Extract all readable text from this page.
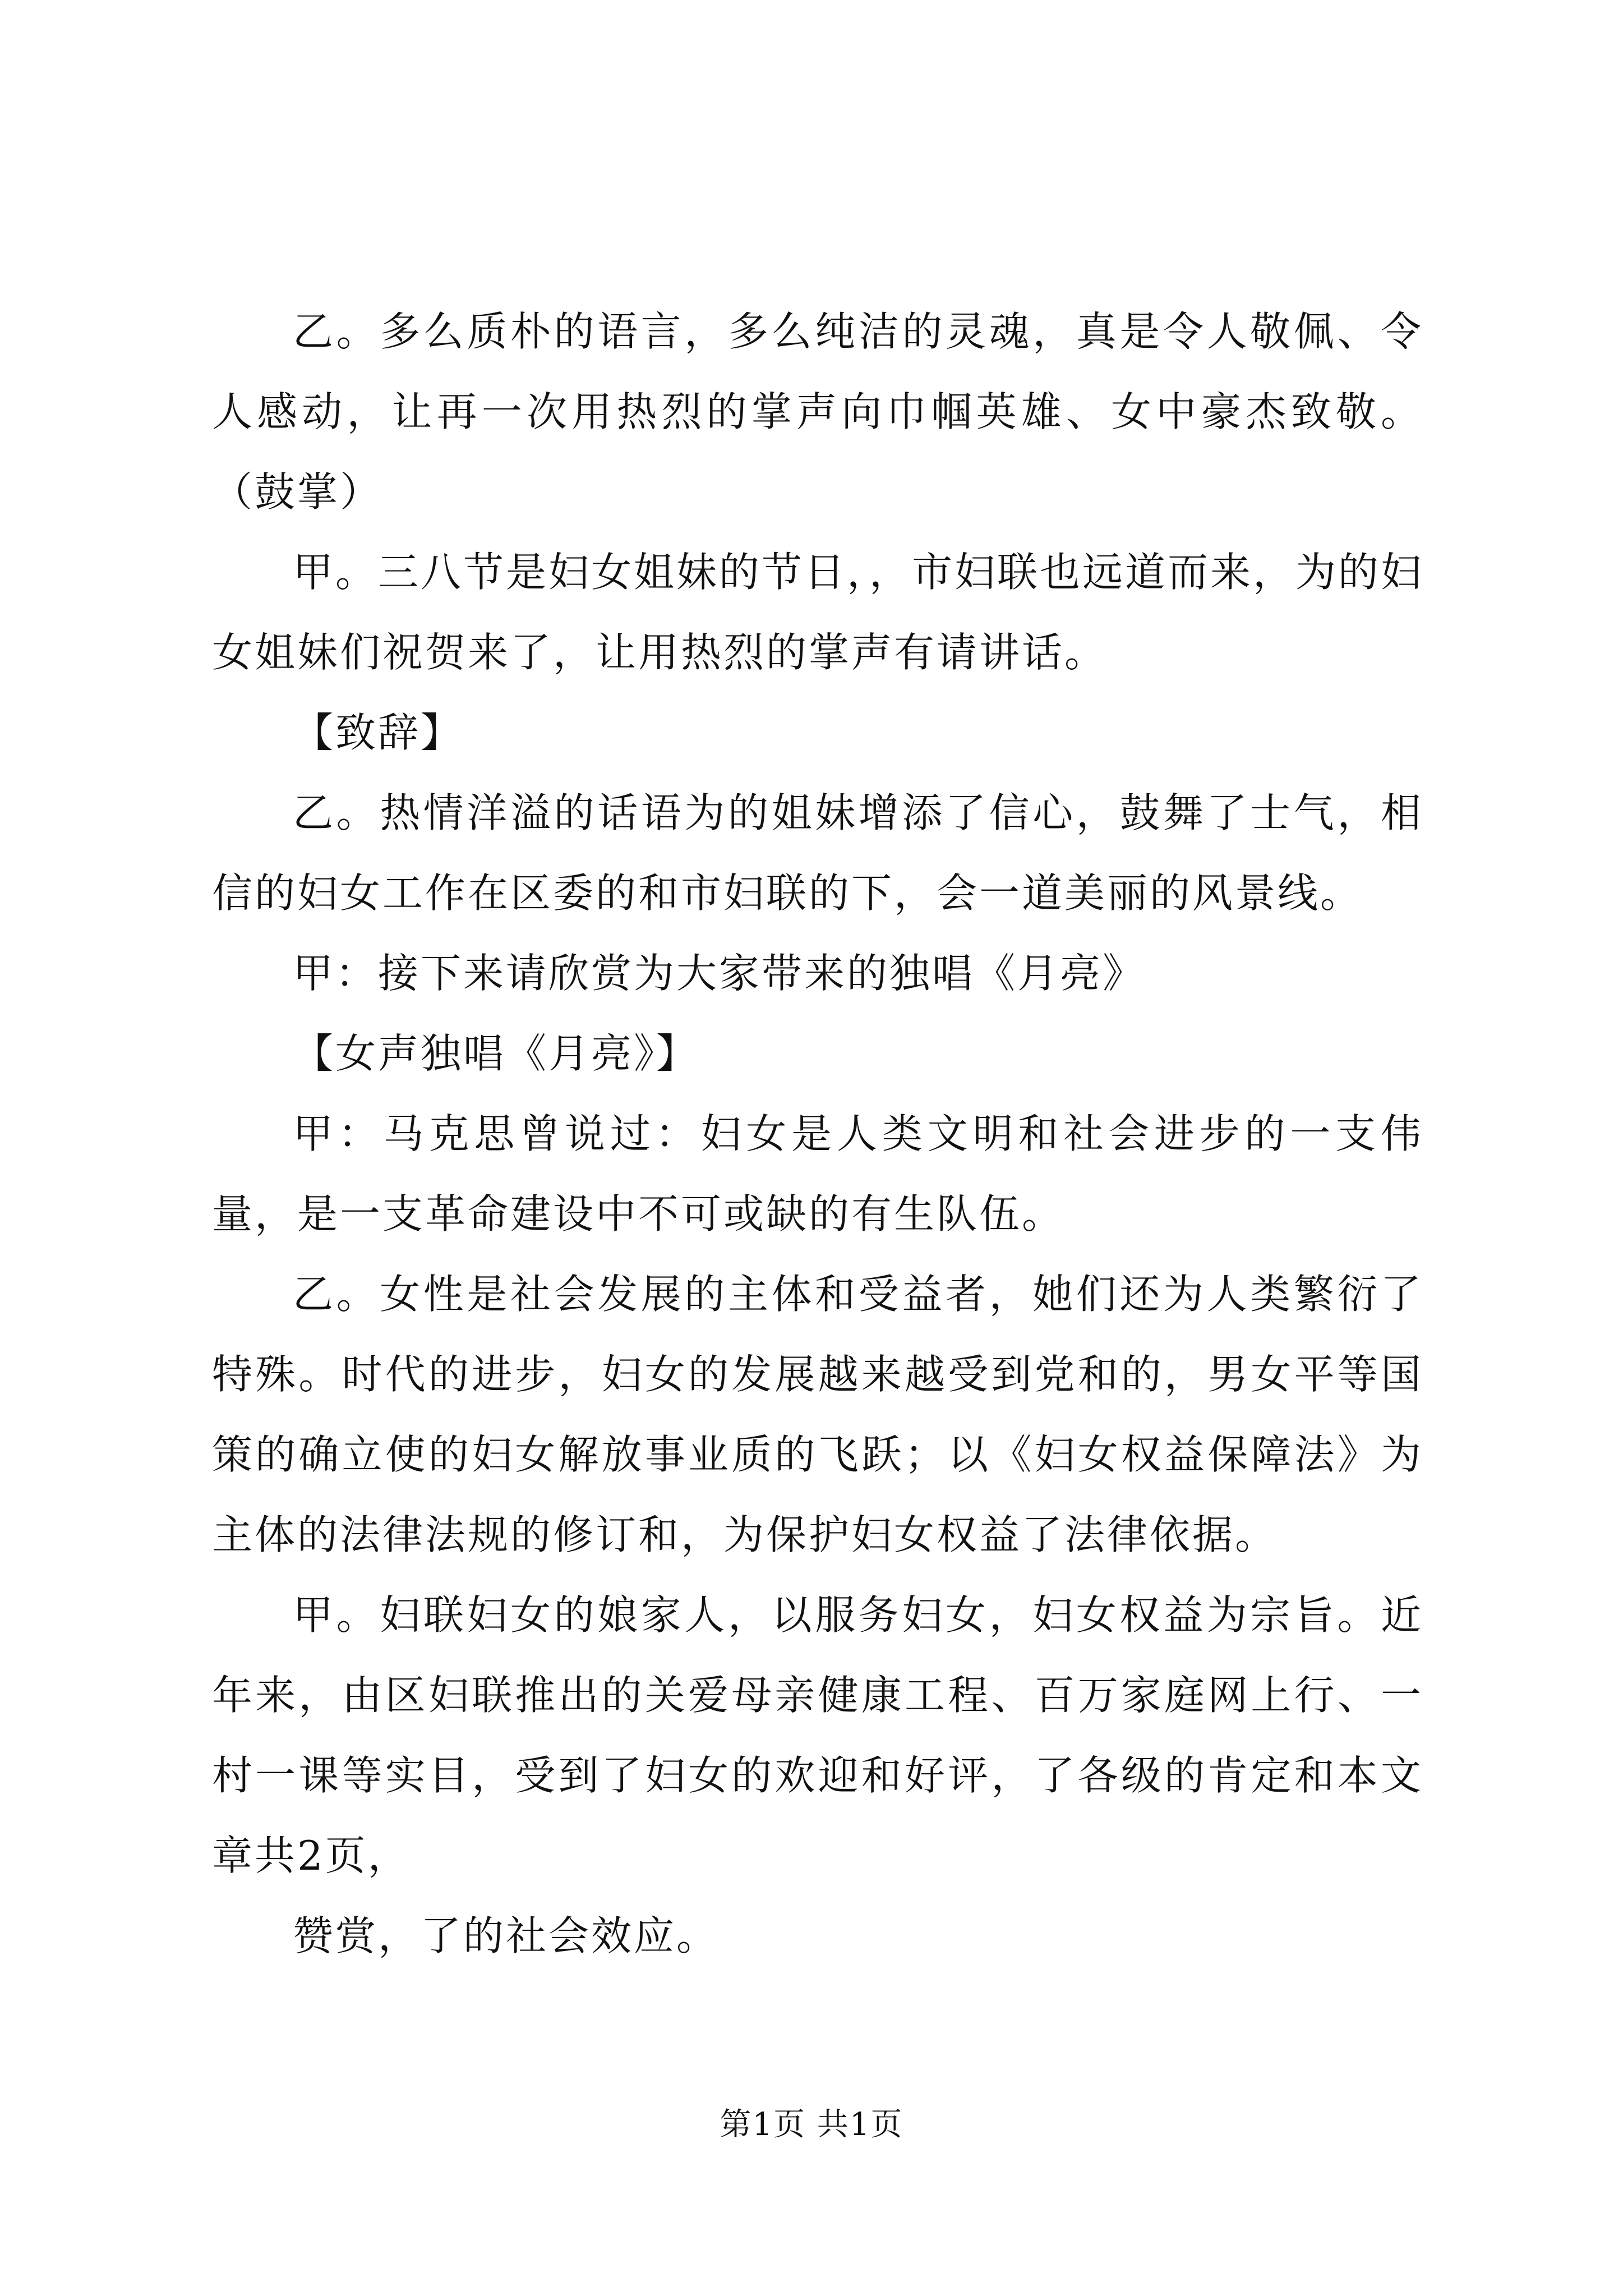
乙。多么质朴的语言，多么纯洁的灵魂，真是令人敬佩、令人感动，让再一次用热烈的掌声向巾帼英雄、女中豪杰致敬。（鼓掌）

甲。三八节是妇女姐妹的节日，，市妇联也远道而来，为的妇女姐妹们祝贺来了，让用热烈的掌声有请讲话。

【致辞】

乙。热情洋溢的话语为的姐妹增添了信心，鼓舞了士气，相信的妇女工作在区委的和市妇联的下，会一道美丽的风景线。

甲：接下来请欣赏为大家带来的独唱《月亮》

【女声独唱《月亮》】

甲：马克思曾说过：妇女是人类文明和社会进步的一支伟量，是一支革命建设中不可或缺的有生队伍。

乙。女性是社会发展的主体和受益者，她们还为人类繁衍了特殊。时代的进步，妇女的发展越来越受到党和的，男女平等国策的确立使的妇女解放事业质的飞跃；以《妇女权益保障法》为主体的法律法规的修订和，为保护妇女权益了法律依据。

甲。妇联妇女的娘家人，以服务妇女，妇女权益为宗旨。近年来，由区妇联推出的关爱母亲健康工程、百万家庭网上行、一村一课等实目，受到了妇女的欢迎和好评，了各级的肯定和本文章共2页，

赞赏，了的社会效应。

第1页 共1页
